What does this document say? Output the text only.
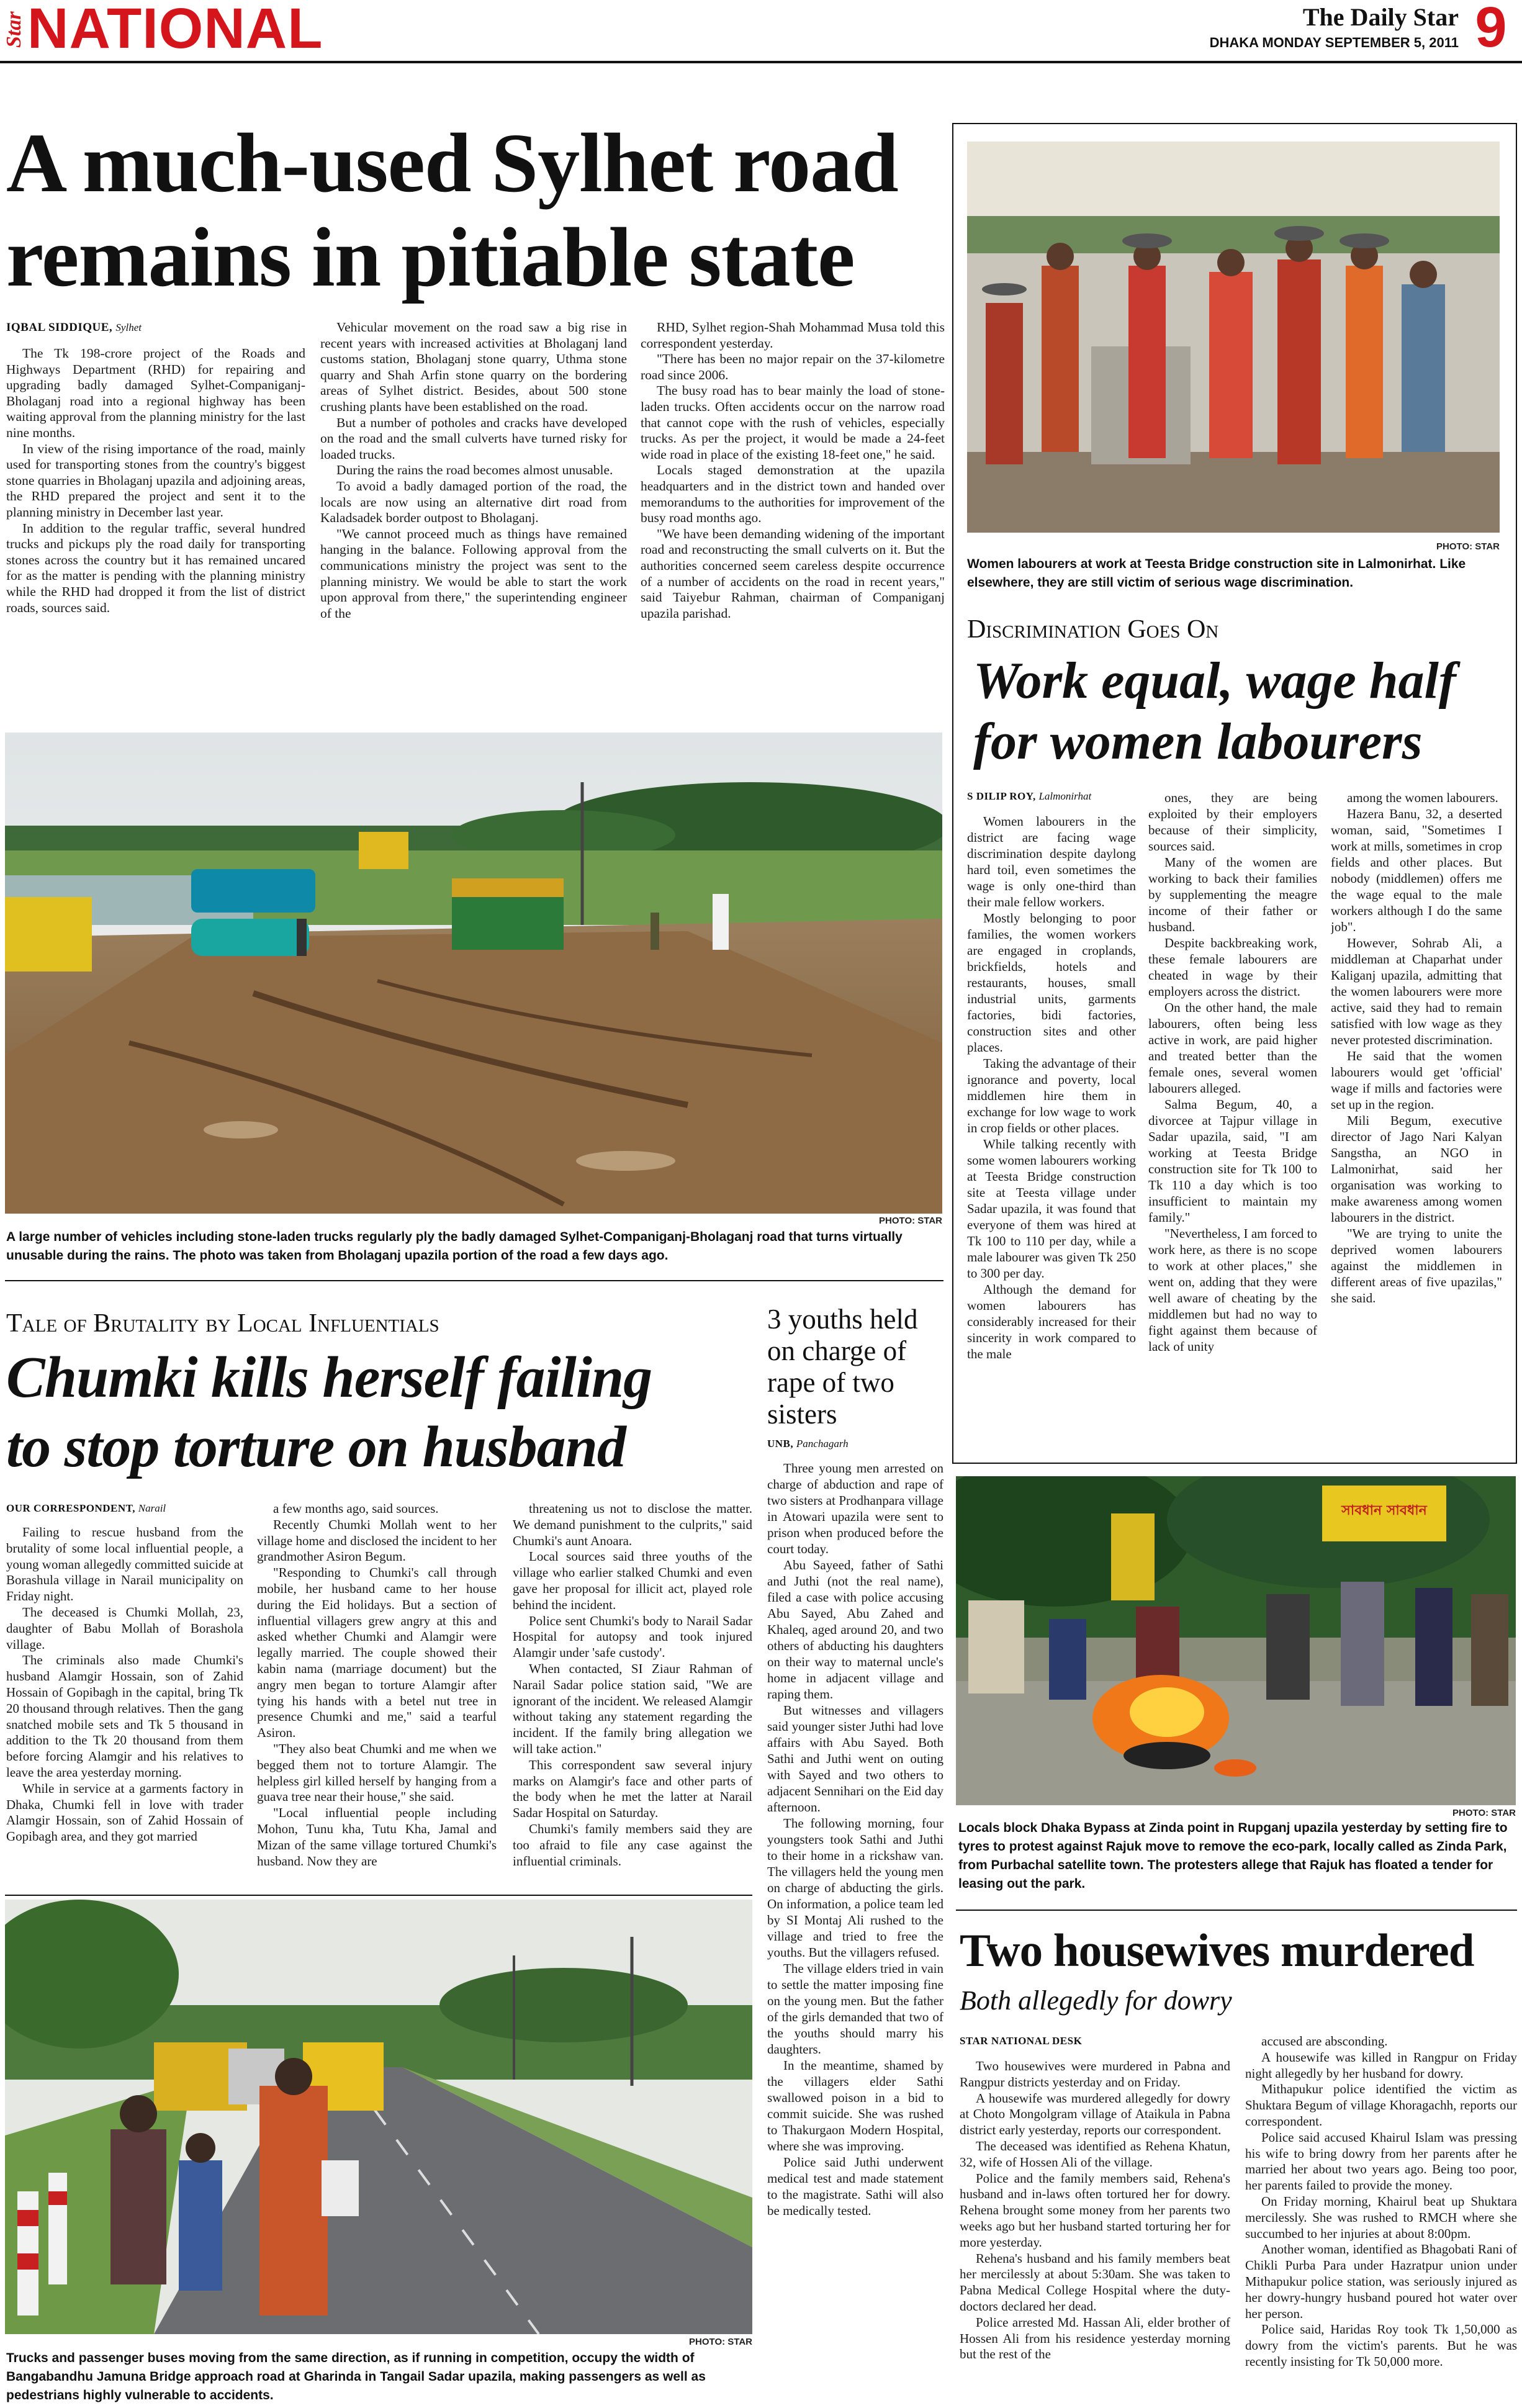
Star NATIONAL	The Daily Star
DHAKA MONDAY SEPTEMBER 5, 2011 9
A much-used Sylhet road
remains in pitiable state
IQBAL SIDDIQUE, Sylhet

The Tk 198-crore project of the Roads and Highways Department (RHD) for repairing and upgrading badly damaged Sylhet-Companiganj-Bholaganj road into a regional highway has been waiting approval from the planning ministry for the last nine months.

In view of the rising importance of the road, mainly used for transporting stones from the country's biggest stone quarries in Bholaganj upazila and adjoining areas, the RHD prepared the project and sent it to the planning ministry in December last year.

In addition to the regular traffic, several hundred trucks and pickups ply the road daily for transporting stones across the country but it has remained uncared for as the matter is pending with the planning ministry while the RHD had dropped it from the list of district roads, sources said.

Vehicular movement on the road saw a big rise in recent years with increased activities at Bholaganj land customs station, Bholaganj stone quarry, Uthma stone quarry and Shah Arfin stone quarry on the bordering areas of Sylhet district. Besides, about 500 stone crushing plants have been established on the road.

But a number of potholes and cracks have developed on the road and the small culverts have turned risky for loaded trucks.

During the rains the road becomes almost unusable.

To avoid a badly damaged portion of the road, the locals are now using an alternative dirt road from Kaladsadek border outpost to Bholaganj.

"We cannot proceed much as things have remained hanging in the balance. Following approval from the communications ministry the project was sent to the planning ministry. We would be able to start the work upon approval from there," the superintending engineer of the

RHD, Sylhet region-Shah Mohammad Musa told this correspondent yesterday.

"There has been no major repair on the 37-kilometre road since 2006.

The busy road has to bear mainly the load of stone-laden trucks. Often accidents occur on the narrow road that cannot cope with the rush of vehicles, especially trucks. As per the project, it would be made a 24-feet wide road in place of the existing 18-feet one," he said.

Locals staged demonstration at the upazila headquarters and in the district town and handed over memorandums to the authorities for improvement of the busy road months ago.

"We have been demanding widening of the important road and reconstructing the small culverts on it. But the authorities concerned seem careless despite occurrence of a number of accidents on the road in recent years," said Taiyebur Rahman, chairman of Companiganj upazila parishad.

PHOTO: STAR
A large number of vehicles including stone-laden trucks regularly ply the badly damaged Sylhet-Companiganj-Bholaganj road that turns virtually unusable during the rains. The photo was taken from Bholaganj upazila portion of the road a few days ago.
PHOTO: STAR
Women labourers at work at Teesta Bridge construction site in Lalmonirhat. Like elsewhere, they are still victim of serious wage discrimination.
Discrimination Goes On
Work equal, wage half
for women labourers
S DILIP ROY, Lalmonirhat

Women labourers in the district are facing wage discrimination despite daylong hard toil, even sometimes the wage is only one-third than their male fellow workers.

Mostly belonging to poor families, the women workers are engaged in croplands, brickfields, hotels and restaurants, houses, small industrial units, garments factories, bidi factories, construction sites and other places.

Taking the advantage of their ignorance and poverty, local middlemen hire them in exchange for low wage to work in crop fields or other places.

While talking recently with some women labourers working at Teesta Bridge construction site at Teesta village under Sadar upazila, it was found that everyone of them was hired at Tk 100 to 110 per day, while a male labourer was given Tk 250 to 300 per day.

Although the demand for women labourers has considerably increased for their sincerity in work compared to the male

ones, they are being exploited by their employers because of their simplicity, sources said.

Many of the women are working to back their families by supplementing the meagre income of their father or husband.

Despite backbreaking work, these female labourers are cheated in wage by their employers across the district.

On the other hand, the male labourers, often being less active in work, are paid higher and treated better than the female ones, several women labourers alleged.

Salma Begum, 40, a divorcee at Tajpur village in Sadar upazila, said, "I am working at Teesta Bridge construction site for Tk 100 to Tk 110 a day which is too insufficient to maintain my family."

"Nevertheless, I am forced to work here, as there is no scope to work at other places," she went on, adding that they were well aware of cheating by the middlemen but had no way to fight against them because of lack of unity

among the women labourers.

Hazera Banu, 32, a deserted woman, said, "Sometimes I work at mills, sometimes in crop fields and other places. But nobody (middlemen) offers me the wage equal to the male workers although I do the same job".

However, Sohrab Ali, a middleman at Chaparhat under Kaliganj upazila, admitting that the women labourers were more active, said they had to remain satisfied with low wage as they never protested discrimination.

He said that the women labourers would get 'official' wage if mills and factories were set up in the region.

Mili Begum, executive director of Jago Nari Kalyan Sangstha, an NGO in Lalmonirhat, said her organisation was working to make awareness among women labourers in the district.

"We are trying to unite the deprived women labourers against the middlemen in different areas of five upazilas," she said.

Tale of Brutality by Local Influentials
Chumki kills herself failing
to stop torture on husband
OUR CORRESPONDENT, Narail

Failing to rescue husband from the brutality of some local influential people, a young woman allegedly committed suicide at Borashula village in Narail municipality on Friday night.

The deceased is Chumki Mollah, 23, daughter of Babu Mollah of Borashola village.

The criminals also made Chumki's husband Alamgir Hossain, son of Zahid Hossain of Gopibagh in the capital, bring Tk 20 thousand through relatives. Then the gang snatched mobile sets and Tk 5 thousand in addition to the Tk 20 thousand from them before forcing Alamgir and his relatives to leave the area yesterday morning.

While in service at a garments factory in Dhaka, Chumki fell in love with trader Alamgir Hossain, son of Zahid Hossain of Gopibagh area, and they got married

a few months ago, said sources.

Recently Chumki Mollah went to her village home and disclosed the incident to her grandmother Asiron Begum.

"Responding to Chumki's call through mobile, her husband came to her house during the Eid holidays. But a section of influential villagers grew angry at this and asked whether Chumki and Alamgir were legally married. The couple showed their kabin nama (marriage document) but the angry men began to torture Alamgir after tying his hands with a betel nut tree in presence Chumki and me," said a tearful Asiron.

"They also beat Chumki and me when we begged them not to torture Alamgir. The helpless girl killed herself by hanging from a guava tree near their house," she said.

"Local influential people including Mohon, Tunu kha, Tutu Kha, Jamal and Mizan of the same village tortured Chumki's husband. Now they are

threatening us not to disclose the matter. We demand punishment to the culprits," said Chumki's aunt Anoara.

Local sources said three youths of the village who earlier stalked Chumki and even gave her proposal for illicit act, played role behind the incident.

Police sent Chumki's body to Narail Sadar Hospital for autopsy and took injured Alamgir under 'safe custody'.

When contacted, SI Ziaur Rahman of Narail Sadar police station said, "We are ignorant of the incident. We released Alamgir without taking any statement regarding the incident. If the family bring allegation we will take action."

This correspondent saw several injury marks on Alamgir's face and other parts of the body when he met the latter at Narail Sadar Hospital on Saturday.

Chumki's family members said they are too afraid to file any case against the influential criminals.

PHOTO: STAR
Trucks and passenger buses moving from the same direction, as if running in competition, occupy the width of Bangabandhu Jamuna Bridge approach road at Gharinda in Tangail Sadar upazila, making passengers as well as pedestrians highly vulnerable to accidents.
3 youths held on charge of rape of two sisters
UNB, Panchagarh

Three young men arrested on charge of abduction and rape of two sisters at Prodhanpara village in Atowari upazila were sent to prison when produced before the court today.

Abu Sayeed, father of Sathi and Juthi (not the real name), filed a case with police accusing Abu Sayed, Abu Zahed and Khaleq, aged around 20, and two others of abducting his daughters on their way to maternal uncle's home in adjacent village and raping them.

But witnesses and villagers said younger sister Juthi had love affairs with Abu Sayed. Both Sathi and Juthi went on outing with Sayed and two others to adjacent Sennihari on the Eid day afternoon.

The following morning, four youngsters took Sathi and Juthi to their home in a rickshaw van. The villagers held the young men on charge of abducting the girls. On information, a police team led by SI Montaj Ali rushed to the village and tried to free the youths. But the villagers refused.

The village elders tried in vain to settle the matter imposing fine on the young men. But the father of the girls demanded that two of the youths should marry his daughters.

In the meantime, shamed by the villagers elder Sathi swallowed poison in a bid to commit suicide. She was rushed to Thakurgaon Modern Hospital, where she was improving.

Police said Juthi underwent medical test and made statement to the magistrate. Sathi will also be medically tested.

সাবধান সাবধান
PHOTO: STAR
Locals block Dhaka Bypass at Zinda point in Rupganj upazila yesterday by setting fire to tyres to protest against Rajuk move to remove the eco-park, locally called as Zinda Park, from Purbachal satellite town. The protesters allege that Rajuk has floated a tender for leasing out the park.
Two housewives murdered
Both allegedly for dowry
STAR NATIONAL DESK

Two housewives were murdered in Pabna and Rangpur districts yesterday and on Friday.

A housewife was murdered allegedly for dowry at Choto Mongolgram village of Ataikula in Pabna district early yesterday, reports our correspondent.

The deceased was identified as Rehena Khatun, 32, wife of Hossen Ali of the village.

Police and the family members said, Rehena's husband and in-laws often tortured her for dowry. Rehena brought some money from her parents two weeks ago but her husband started torturing her for more yesterday.

Rehena's husband and his family members beat her mercilessly at about 5:30am. She was taken to Pabna Medical College Hospital where the duty-doctors declared her dead.

Police arrested Md. Hassan Ali, elder brother of Hossen Ali from his residence yesterday morning but the rest of the

accused are absconding.

A housewife was killed in Rangpur on Friday night allegedly by her husband for dowry.

Mithapukur police identified the victim as Shuktara Begum of village Khoragachh, reports our correspondent.

Police said accused Khairul Islam was pressing his wife to bring dowry from her parents after he married her about two years ago. Being too poor, her parents failed to provide the money.

On Friday morning, Khairul beat up Shuktara mercilessly. She was rushed to RMCH where she succumbed to her injuries at about 8:00pm.

Another woman, identified as Bhagobati Rani of Chikli Purba Para under Hazratpur union under Mithapukur police station, was seriously injured as her dowry-hungry husband poured hot water over her person.

Police said, Haridas Roy took Tk 1,50,000 as dowry from the victim's parents. But he was recently insisting for Tk 50,000 more.
